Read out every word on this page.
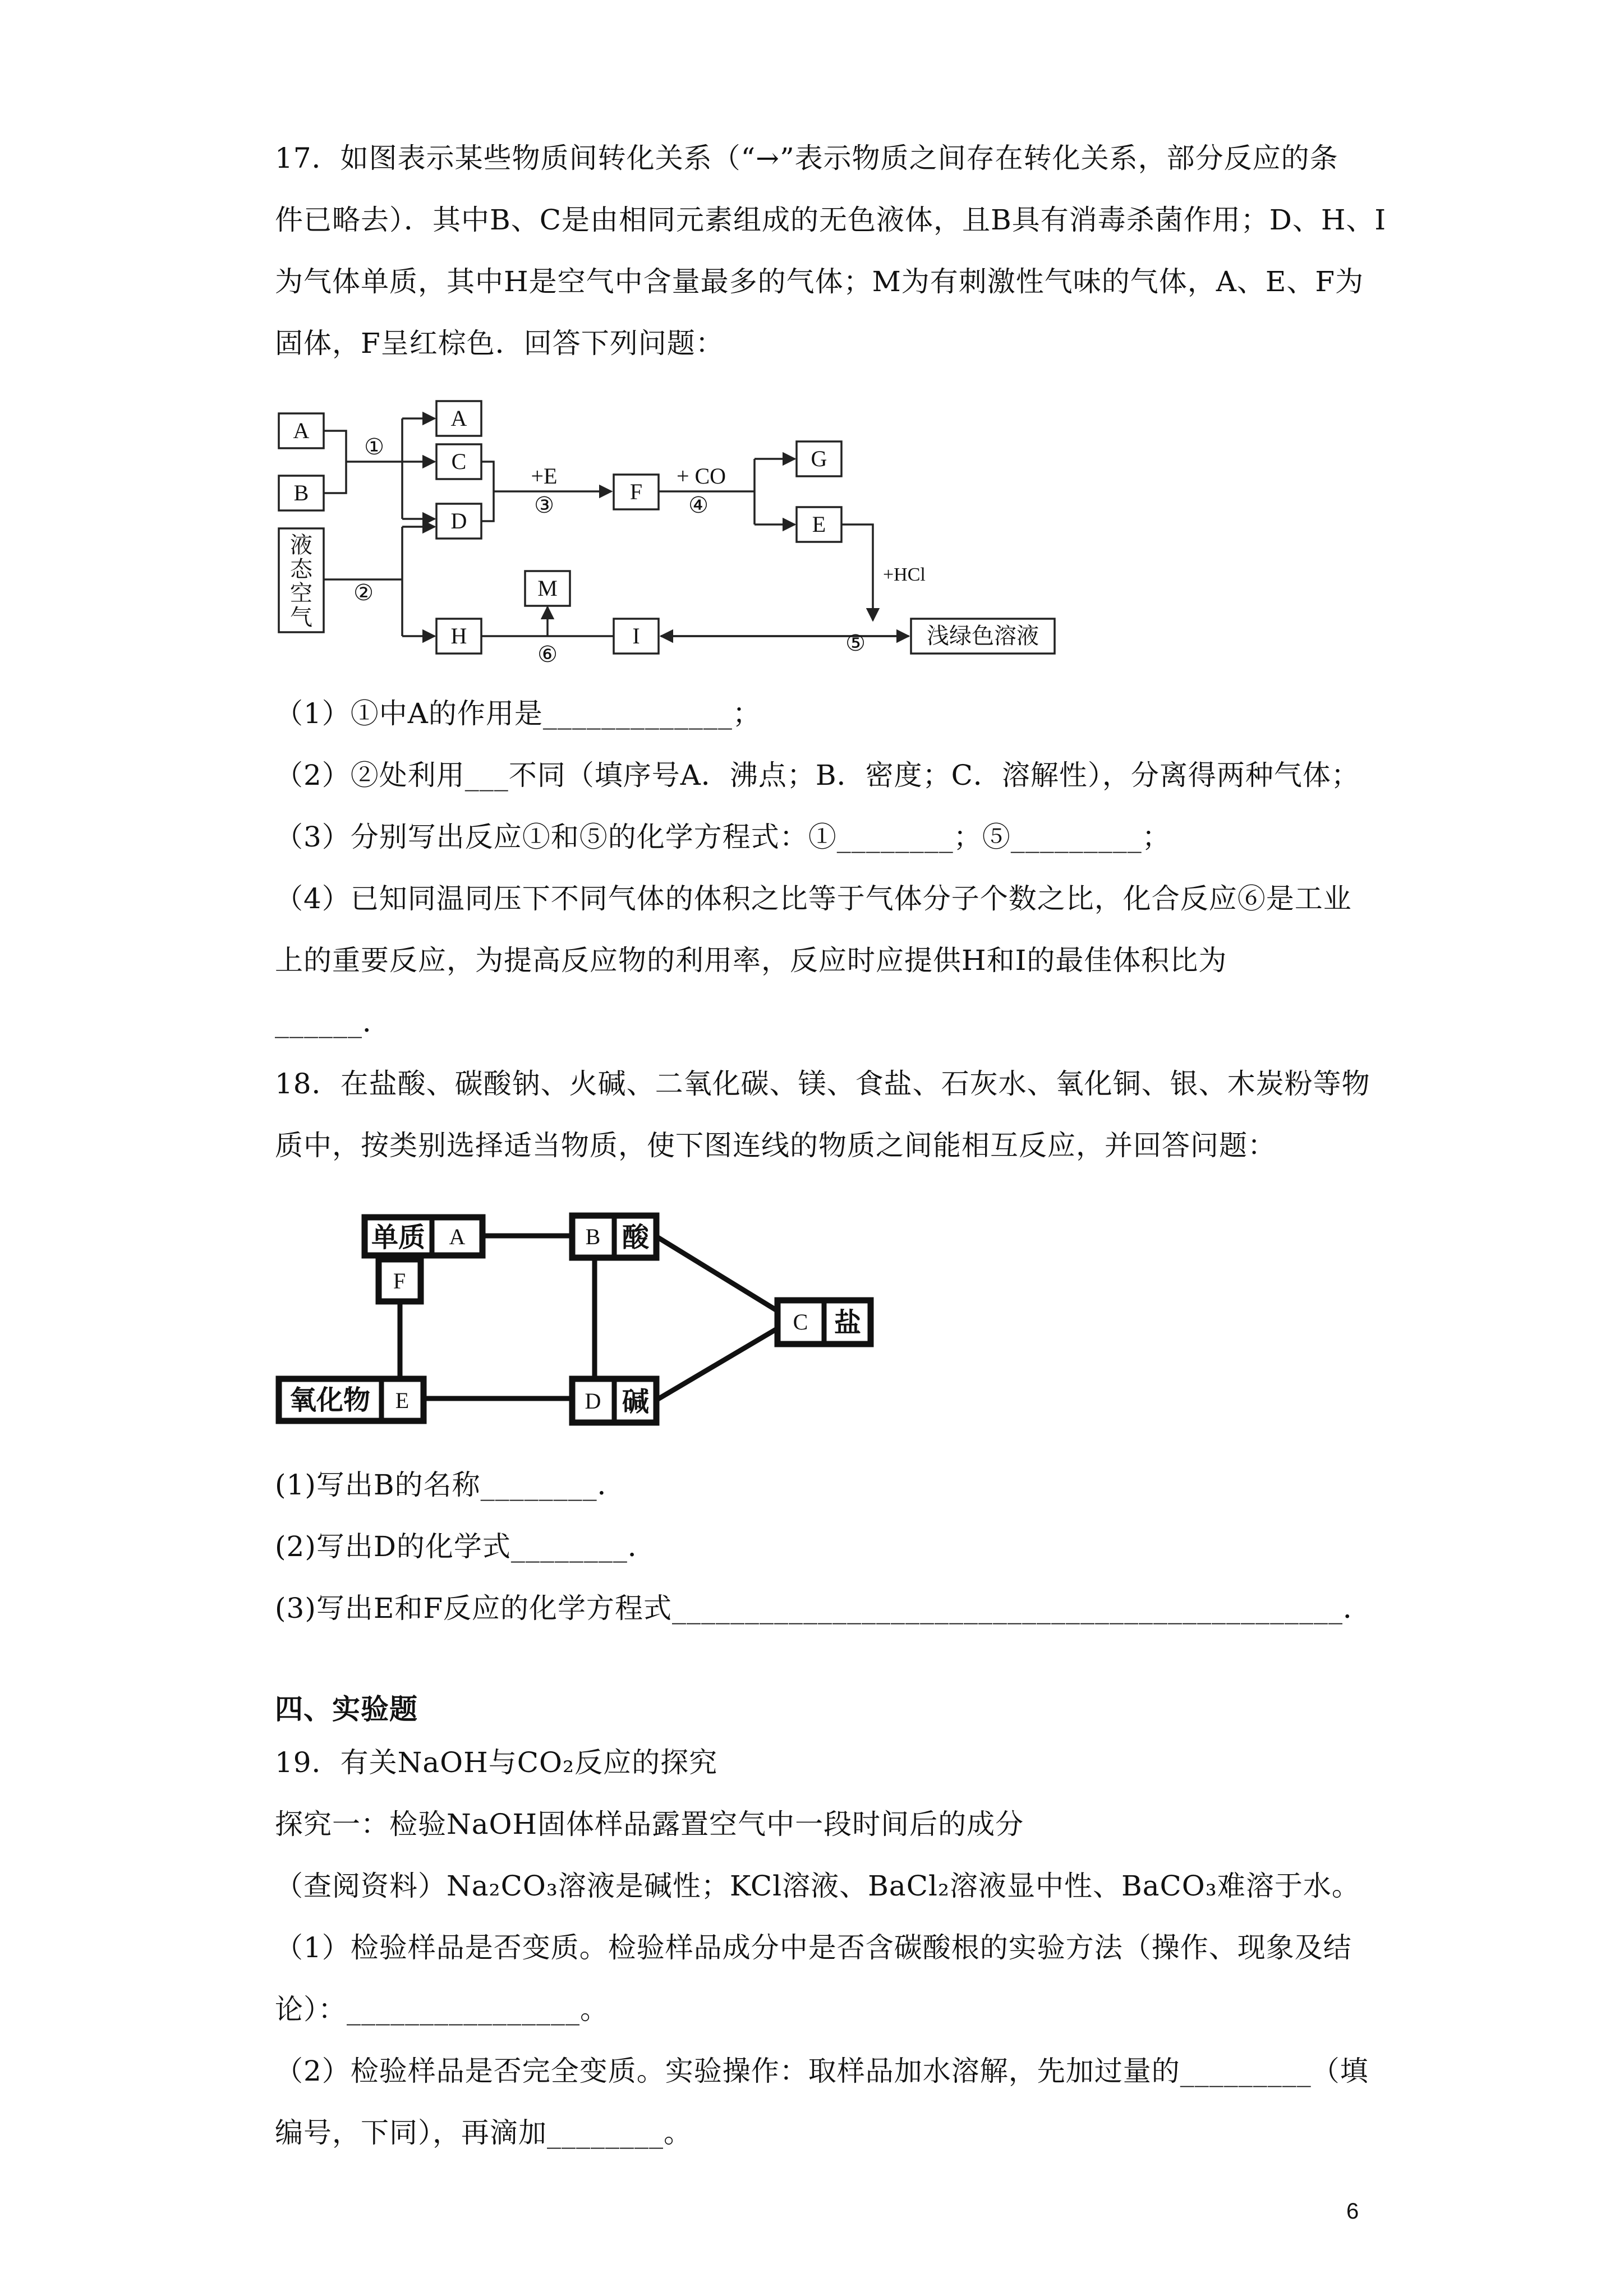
17．如图表示某些物质间转化关系（“→”表示物质之间存在转化关系，部分反应的条
件已略去）．其中B、C是由相同元素组成的无色液体，且B具有消毒杀菌作用；D、H、I
为气体单质，其中H是空气中含量最多的气体；M为有刺激性气味的气体，A、E、F为
固体，F呈红棕色．回答下列问题：
A
B
液
态
空
气
①
A
C
D
②
+E
③
F
+ CO
④
G
E
+HCl
浅绿色溶液
⑤
I
H
⑥
M
（1）①中A的作用是_____________；
（2）②处利用___不同（填序号A．沸点；B．密度；C．溶解性），分离得两种气体；
（3）分别写出反应①和⑤的化学方程式：①________；⑤_________；
（4）已知同温同压下不同气体的体积之比等于气体分子个数之比，化合反应⑥是工业
上的重要反应，为提高反应物的利用率，反应时应提供H和I的最佳体积比为
______．
18．在盐酸、碳酸钠、火碱、二氧化碳、镁、食盐、石灰水、氧化铜、银、木炭粉等物
质中，按类别选择适当物质，使下图连线的物质之间能相互反应，并回答问题：
单质 A
F
B 酸
C 盐
氧化物 E	D 碱
(1)写出B的名称________．
(2)写出D的化学式________．
(3)写出E和F反应的化学方程式______________________________________________．
四、实验题
19．有关NaOH与CO₂反应的探究
探究一：检验NaOH固体样品露置空气中一段时间后的成分
（查阅资料）Na₂CO₃溶液是碱性；KCl溶液、BaCl₂溶液显中性、BaCO₃难溶于水。
（1）检验样品是否变质。检验样品成分中是否含碳酸根的实验方法（操作、现象及结
论）：________________。
（2）检验样品是否完全变质。实验操作：取样品加水溶解，先加过量的_________（填
编号，下同），再滴加________。
6
